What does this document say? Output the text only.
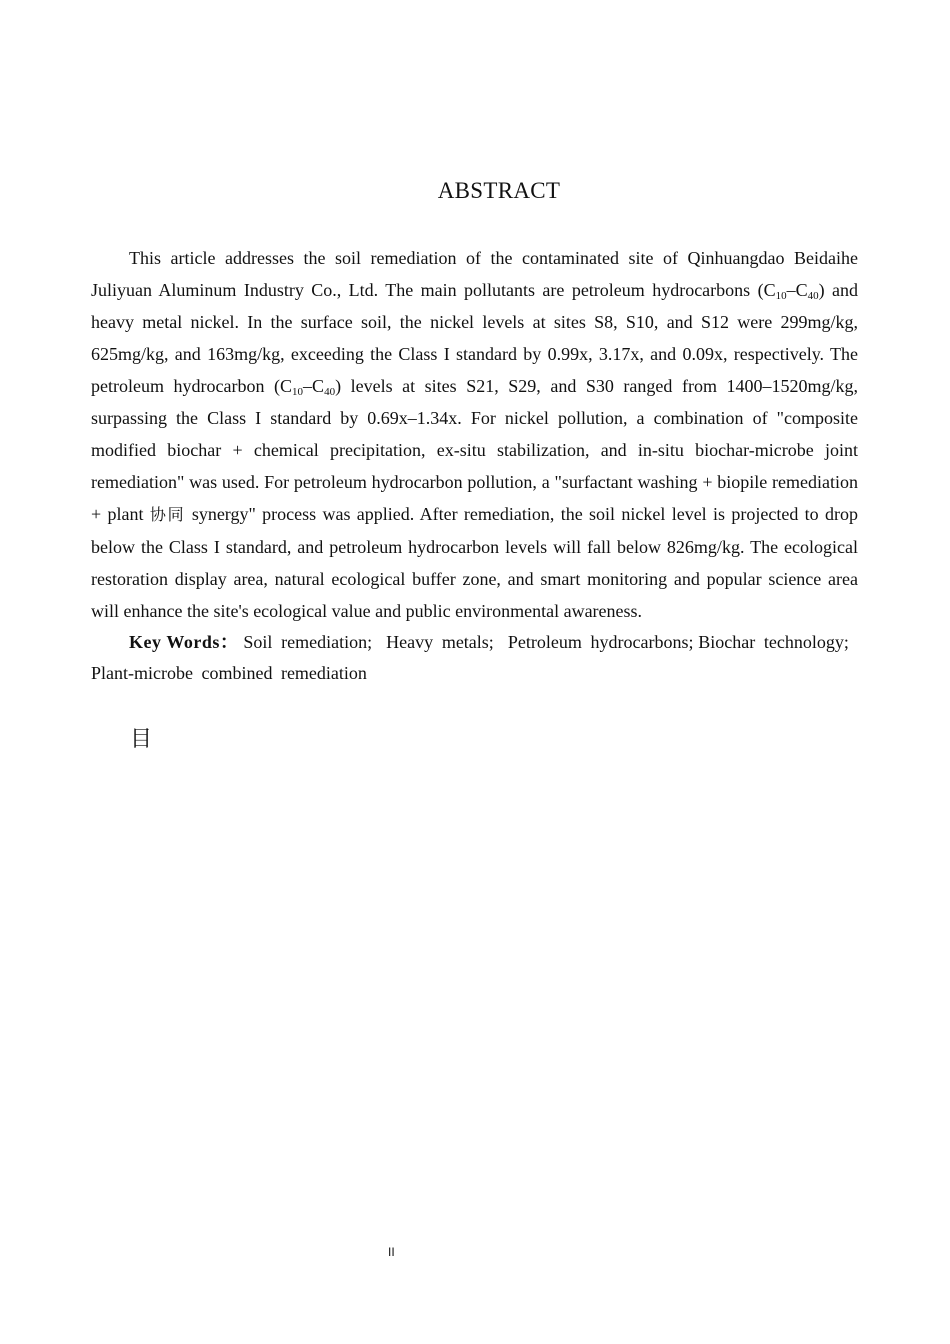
ABSTRACT

This article addresses the soil remediation of the contaminated site of Qinhuangdao Beidaihe Juliyuan Aluminum Industry Co., Ltd. The main pollutants are petroleum hydrocarbons (C10–C40) and heavy metal nickel. In the surface soil, the nickel levels at sites S8, S10, and S12 were 299mg/kg, 625mg/kg, and 163mg/kg, exceeding the Class I standard by 0.99x, 3.17x, and 0.09x, respectively. The petroleum hydrocarbon (C10–C40) levels at sites S21, S29, and S30 ranged from 1400–1520mg/kg, surpassing the Class I standard by 0.69x–1.34x. For nickel pollution, a combination of "composite modified biochar + chemical precipitation, ex-situ stabilization, and in-situ biochar-microbe joint remediation" was used. For petroleum hydrocarbon pollution, a "surfactant washing + biopile remediation + plant 协同 synergy" process was applied. After remediation, the soil nickel level is projected to drop below the Class I standard, and petroleum hydrocarbon levels will fall below 826mg/kg. The ecological restoration display area, natural ecological buffer zone, and smart monitoring and popular science area will enhance the site's ecological value and public environmental awareness.

Key Words： Soil remediation; Heavy metals; Petroleum hydrocarbons; Biochar technology;   Plant-microbe combined remediation

目
II
